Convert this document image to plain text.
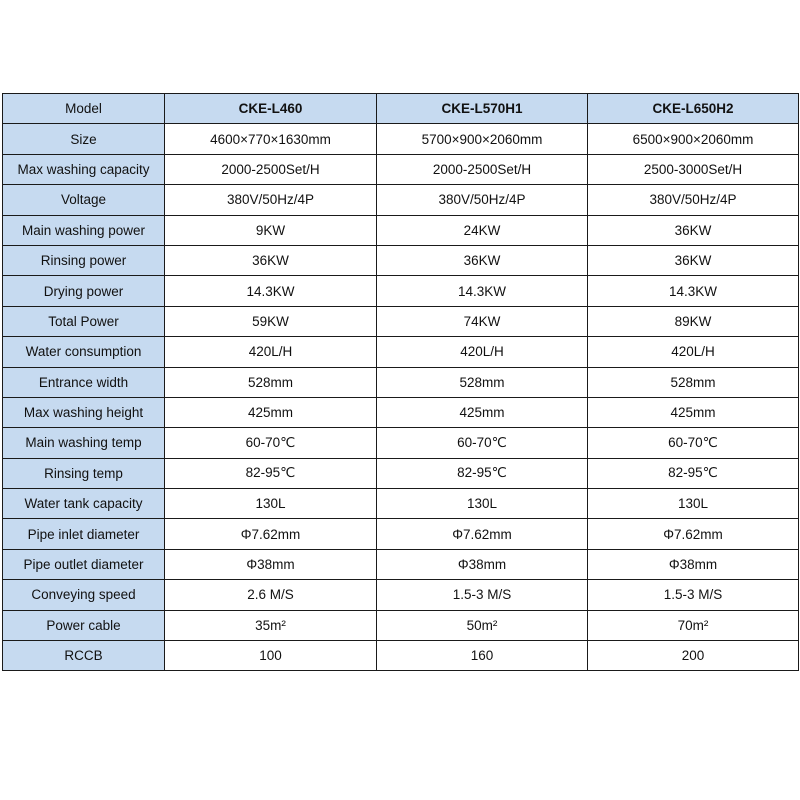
Model	CKE-L460	CKE-L570H1	CKE-L650H2
Size	4600×770×1630mm	5700×900×2060mm	6500×900×2060mm
Max washing capacity	2000-2500Set/H	2000-2500Set/H	2500-3000Set/H
Voltage	380V/50Hz/4P	380V/50Hz/4P	380V/50Hz/4P
Main washing power	9KW	24KW	36KW
Rinsing power	36KW	36KW	36KW
Drying power	14.3KW	14.3KW	14.3KW
Total Power	59KW	74KW	89KW
Water consumption	420L/H	420L/H	420L/H
Entrance width	528mm	528mm	528mm
Max washing height	425mm	425mm	425mm
Main washing temp	60-70℃	60-70℃	60-70℃
Rinsing temp	82-95℃	82-95℃	82-95℃
Water tank capacity	130L	130L	130L
Pipe inlet diameter	Φ7.62mm	Φ7.62mm	Φ7.62mm
Pipe outlet diameter	Φ38mm	Φ38mm	Φ38mm
Conveying speed	2.6 M/S	1.5-3 M/S	1.5-3 M/S
Power cable	35m²	50m²	70m²
RCCB	100	160	200
